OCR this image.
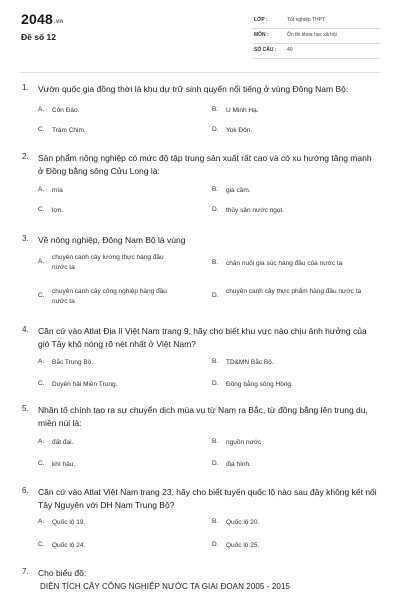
2048.vn
Đề số 12
LỚP :	Tốt nghiệp THPT
MÔN :	Ôn thi khoa học xã hội
SỐ CÂU : 40
1. Vườn quốc gia đồng thời là khu dự trữ sinh quyển nổi tiếng ở vùng Đông Nam Bộ:
A. Côn Đảo.	B. U Minh Hạ.
C. Tràm Chim.	D. Yok Đôn.
2. Sản phẩm nông nghiệp có mức độ tập trung sản xuất rất cao và có xu hướng tăng mạnh ở Đồng bằng sông Cửu Long là:
A. mía	B. gia cầm.
C. lợn.	D. thủy sản nước ngọt.
3. Về nông nghiệp, Đông Nam Bộ là vùng
A.
chuyên canh cây lương thực hàng đầu nước ta
B. chăn nuôi gia súc hàng đầu của nước ta
C.
chuyên canh cây công nghiệp hàng đầu nước ta
D.
chuyên canh cây thực phẩm hàng đầu nước ta
4. Căn cứ vào Atlat Địa lí Việt Nam trang 9, hãy cho biết khu vực nào chịu ảnh hưởng của gió Tây khô nóng rõ nét nhất ở Việt Nam?
A. Bắc Trung Bộ.	B. TD&MN Bắc Bộ.
C. Duyên hải Miền Trung.	D. Đồng bằng sông Hồng.
5. Nhân tố chính tạo ra sự chuyển dịch mùa vụ từ Nam ra Bắc, từ đồng bằng lên trung du, miền núi là:
A. đất đai.	B. nguồn nước
C. khí hậu.	D. địa hình.
6. Căn cứ vào Atlat Việt Nam trang 23, hãy cho biết tuyến quốc lộ nào sau đây không kết nối Tây Nguyên với DH Nam Trung Bộ?
A. Quốc lộ 19.	B. Quốc lộ 20.
C. Quốc lộ 24.	D. Quốc lộ 25.
7. Cho biểu đồ:
DIỆN TÍCH CÂY CÔNG NGHIỆP NƯỚC TA GIAI ĐOẠN 2005 - 2015
